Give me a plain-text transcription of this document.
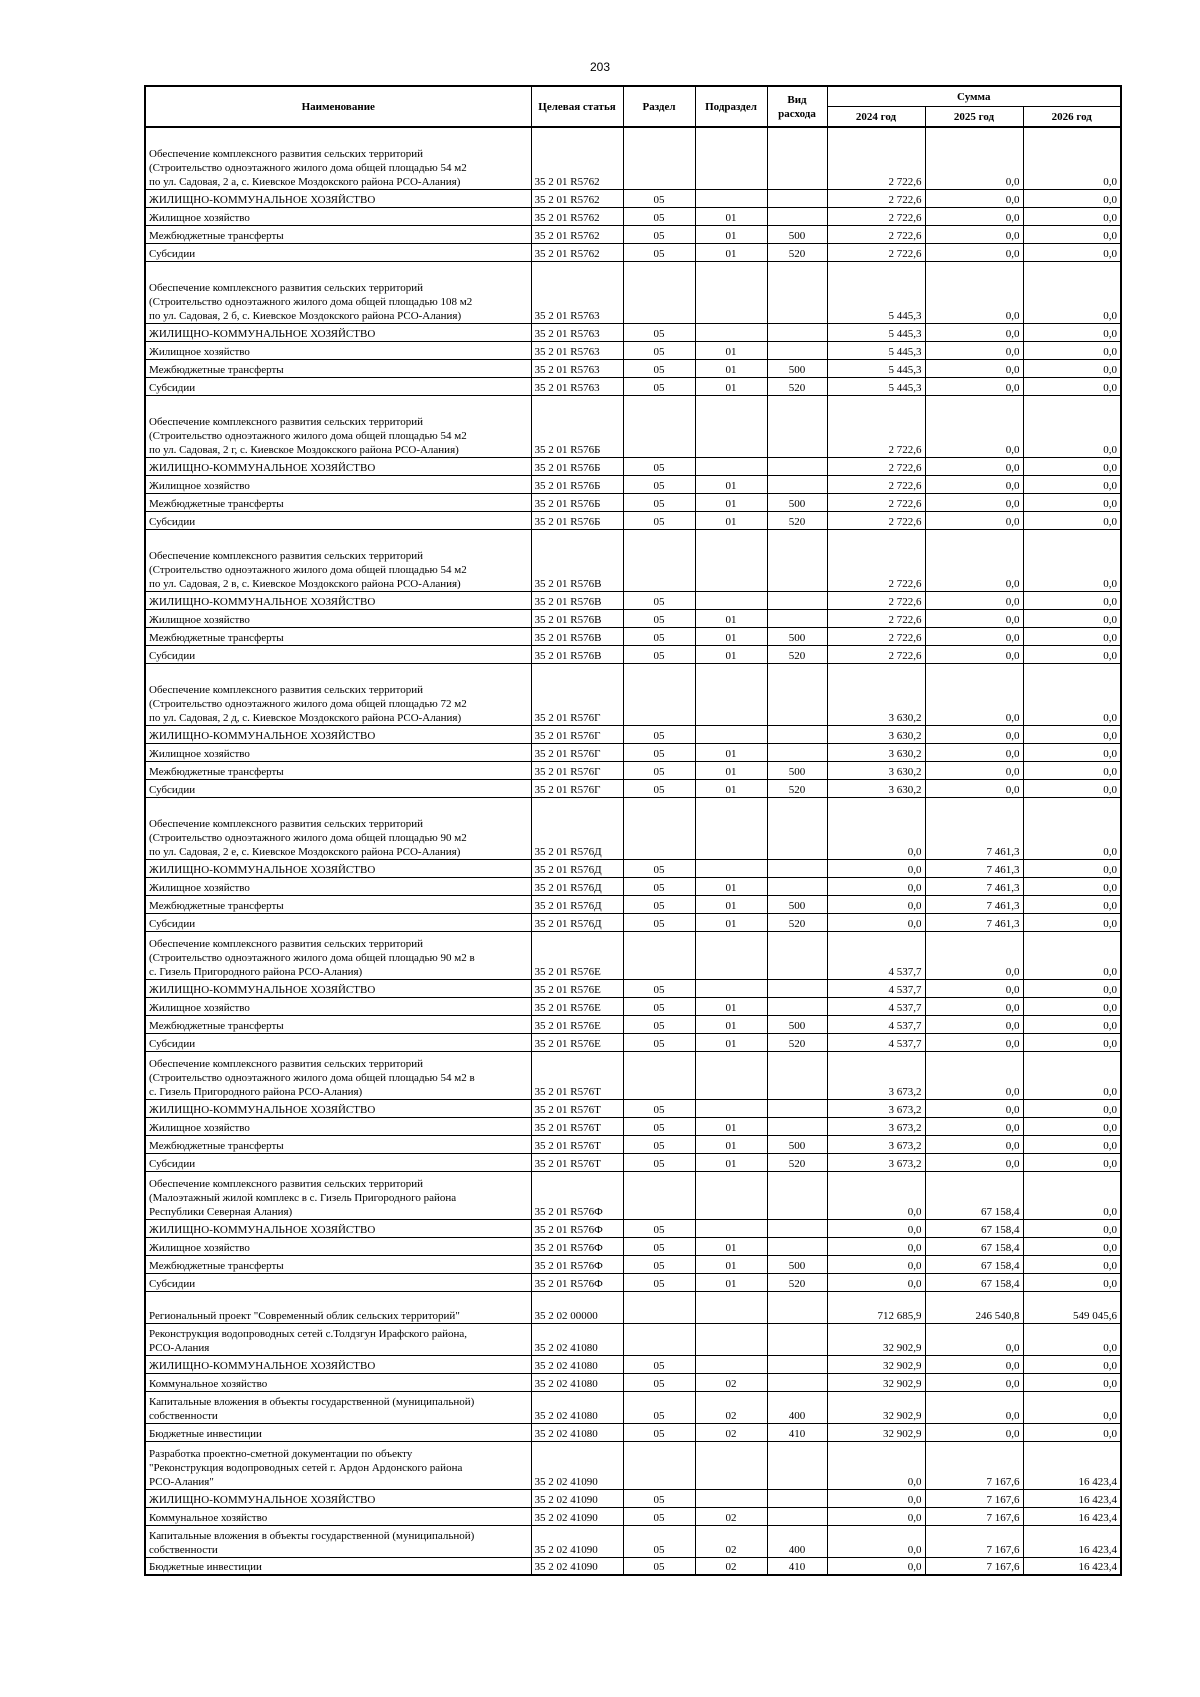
203
Наименование	Целевая статья	Раздел	Подраздел	Вид расхода	Сумма		
					2024 год	2025 год	2026 год
Обеспечение комплексного развития сельских территорий
(Строительство одноэтажного жилого дома общей площадью 54 м2
по ул. Садовая, 2 а, с. Киевское Моздокского района РСО-Алания)	35 2 01 R5762				2 722,6	0,0	0,0
ЖИЛИЩНО-КОММУНАЛЬНОЕ ХОЗЯЙСТВО	35 2 01 R5762	05			2 722,6	0,0	0,0
Жилищное хозяйство	35 2 01 R5762	05	01		2 722,6	0,0	0,0
Межбюджетные трансферты	35 2 01 R5762	05	01	500	2 722,6	0,0	0,0
Субсидии	35 2 01 R5762	05	01	520	2 722,6	0,0	0,0
Обеспечение комплексного развития сельских территорий
(Строительство одноэтажного жилого дома общей площадью 108 м2
по ул. Садовая, 2 б, с. Киевское Моздокского района РСО-Алания)	35 2 01 R5763				5 445,3	0,0	0,0
ЖИЛИЩНО-КОММУНАЛЬНОЕ ХОЗЯЙСТВО	35 2 01 R5763	05			5 445,3	0,0	0,0
Жилищное хозяйство	35 2 01 R5763	05	01		5 445,3	0,0	0,0
Межбюджетные трансферты	35 2 01 R5763	05	01	500	5 445,3	0,0	0,0
Субсидии	35 2 01 R5763	05	01	520	5 445,3	0,0	0,0
Обеспечение комплексного развития сельских территорий
(Строительство одноэтажного жилого дома общей площадью 54 м2
по ул. Садовая, 2 г, с. Киевское Моздокского района РСО-Алания)	35 2 01 R576Б				2 722,6	0,0	0,0
ЖИЛИЩНО-КОММУНАЛЬНОЕ ХОЗЯЙСТВО	35 2 01 R576Б	05			2 722,6	0,0	0,0
Жилищное хозяйство	35 2 01 R576Б	05	01		2 722,6	0,0	0,0
Межбюджетные трансферты	35 2 01 R576Б	05	01	500	2 722,6	0,0	0,0
Субсидии	35 2 01 R576Б	05	01	520	2 722,6	0,0	0,0
Обеспечение комплексного развития сельских территорий
(Строительство одноэтажного жилого дома общей площадью 54 м2
по ул. Садовая, 2 в, с. Киевское Моздокского района РСО-Алания)	35 2 01 R576В				2 722,6	0,0	0,0
ЖИЛИЩНО-КОММУНАЛЬНОЕ ХОЗЯЙСТВО	35 2 01 R576В	05			2 722,6	0,0	0,0
Жилищное хозяйство	35 2 01 R576В	05	01		2 722,6	0,0	0,0
Межбюджетные трансферты	35 2 01 R576В	05	01	500	2 722,6	0,0	0,0
Субсидии	35 2 01 R576В	05	01	520	2 722,6	0,0	0,0
Обеспечение комплексного развития сельских территорий
(Строительство одноэтажного жилого дома общей площадью 72 м2
по ул. Садовая, 2 д, с. Киевское Моздокского района РСО-Алания)	35 2 01 R576Г				3 630,2	0,0	0,0
ЖИЛИЩНО-КОММУНАЛЬНОЕ ХОЗЯЙСТВО	35 2 01 R576Г	05			3 630,2	0,0	0,0
Жилищное хозяйство	35 2 01 R576Г	05	01		3 630,2	0,0	0,0
Межбюджетные трансферты	35 2 01 R576Г	05	01	500	3 630,2	0,0	0,0
Субсидии	35 2 01 R576Г	05	01	520	3 630,2	0,0	0,0
Обеспечение комплексного развития сельских территорий
(Строительство одноэтажного жилого дома общей площадью 90 м2
по ул. Садовая, 2 е, с. Киевское Моздокского района РСО-Алания)	35 2 01 R576Д				0,0	7 461,3	0,0
ЖИЛИЩНО-КОММУНАЛЬНОЕ ХОЗЯЙСТВО	35 2 01 R576Д	05			0,0	7 461,3	0,0
Жилищное хозяйство	35 2 01 R576Д	05	01		0,0	7 461,3	0,0
Межбюджетные трансферты	35 2 01 R576Д	05	01	500	0,0	7 461,3	0,0
Субсидии	35 2 01 R576Д	05	01	520	0,0	7 461,3	0,0
Обеспечение комплексного развития сельских территорий
(Строительство одноэтажного жилого дома общей площадью 90 м2 в
с. Гизель Пригородного района РСО-Алания)	35 2 01 R576E				4 537,7	0,0	0,0
ЖИЛИЩНО-КОММУНАЛЬНОЕ ХОЗЯЙСТВО	35 2 01 R576E	05			4 537,7	0,0	0,0
Жилищное хозяйство	35 2 01 R576E	05	01		4 537,7	0,0	0,0
Межбюджетные трансферты	35 2 01 R576E	05	01	500	4 537,7	0,0	0,0
Субсидии	35 2 01 R576E	05	01	520	4 537,7	0,0	0,0
Обеспечение комплексного развития сельских территорий
(Строительство одноэтажного жилого дома общей площадью 54 м2 в
с. Гизель Пригородного района РСО-Алания)	35 2 01 R576T				3 673,2	0,0	0,0
ЖИЛИЩНО-КОММУНАЛЬНОЕ ХОЗЯЙСТВО	35 2 01 R576T	05			3 673,2	0,0	0,0
Жилищное хозяйство	35 2 01 R576T	05	01		3 673,2	0,0	0,0
Межбюджетные трансферты	35 2 01 R576T	05	01	500	3 673,2	0,0	0,0
Субсидии	35 2 01 R576T	05	01	520	3 673,2	0,0	0,0
Обеспечение комплексного развития сельских территорий
(Малоэтажный жилой комплекс в с. Гизель Пригородного района
Республики Северная Алания)	35 2 01 R576Ф				0,0	67 158,4	0,0
ЖИЛИЩНО-КОММУНАЛЬНОЕ ХОЗЯЙСТВО	35 2 01 R576Ф	05			0,0	67 158,4	0,0
Жилищное хозяйство	35 2 01 R576Ф	05	01		0,0	67 158,4	0,0
Межбюджетные трансферты	35 2 01 R576Ф	05	01	500	0,0	67 158,4	0,0
Субсидии	35 2 01 R576Ф	05	01	520	0,0	67 158,4	0,0
Региональный проект "Современный облик сельских территорий"	35 2 02 00000				712 685,9	246 540,8	549 045,6
Реконструкция водопроводных сетей с.Толдзгун Ирафского района,
РСО-Алания	35 2 02 41080				32 902,9	0,0	0,0
ЖИЛИЩНО-КОММУНАЛЬНОЕ ХОЗЯЙСТВО	35 2 02 41080	05			32 902,9	0,0	0,0
Коммунальное хозяйство	35 2 02 41080	05	02		32 902,9	0,0	0,0
Капитальные вложения в объекты государственной (муниципальной)
собственности	35 2 02 41080	05	02	400	32 902,9	0,0	0,0
Бюджетные инвестиции	35 2 02 41080	05	02	410	32 902,9	0,0	0,0
Разработка проектно-сметной документации по объекту
"Реконструкция водопроводных сетей г. Ардон Ардонского района
РСО-Алания"	35 2 02 41090				0,0	7 167,6	16 423,4
ЖИЛИЩНО-КОММУНАЛЬНОЕ ХОЗЯЙСТВО	35 2 02 41090	05			0,0	7 167,6	16 423,4
Коммунальное хозяйство	35 2 02 41090	05	02		0,0	7 167,6	16 423,4
Капитальные вложения в объекты государственной (муниципальной)
собственности	35 2 02 41090	05	02	400	0,0	7 167,6	16 423,4
Бюджетные инвестиции	35 2 02 41090	05	02	410	0,0	7 167,6	16 423,4
